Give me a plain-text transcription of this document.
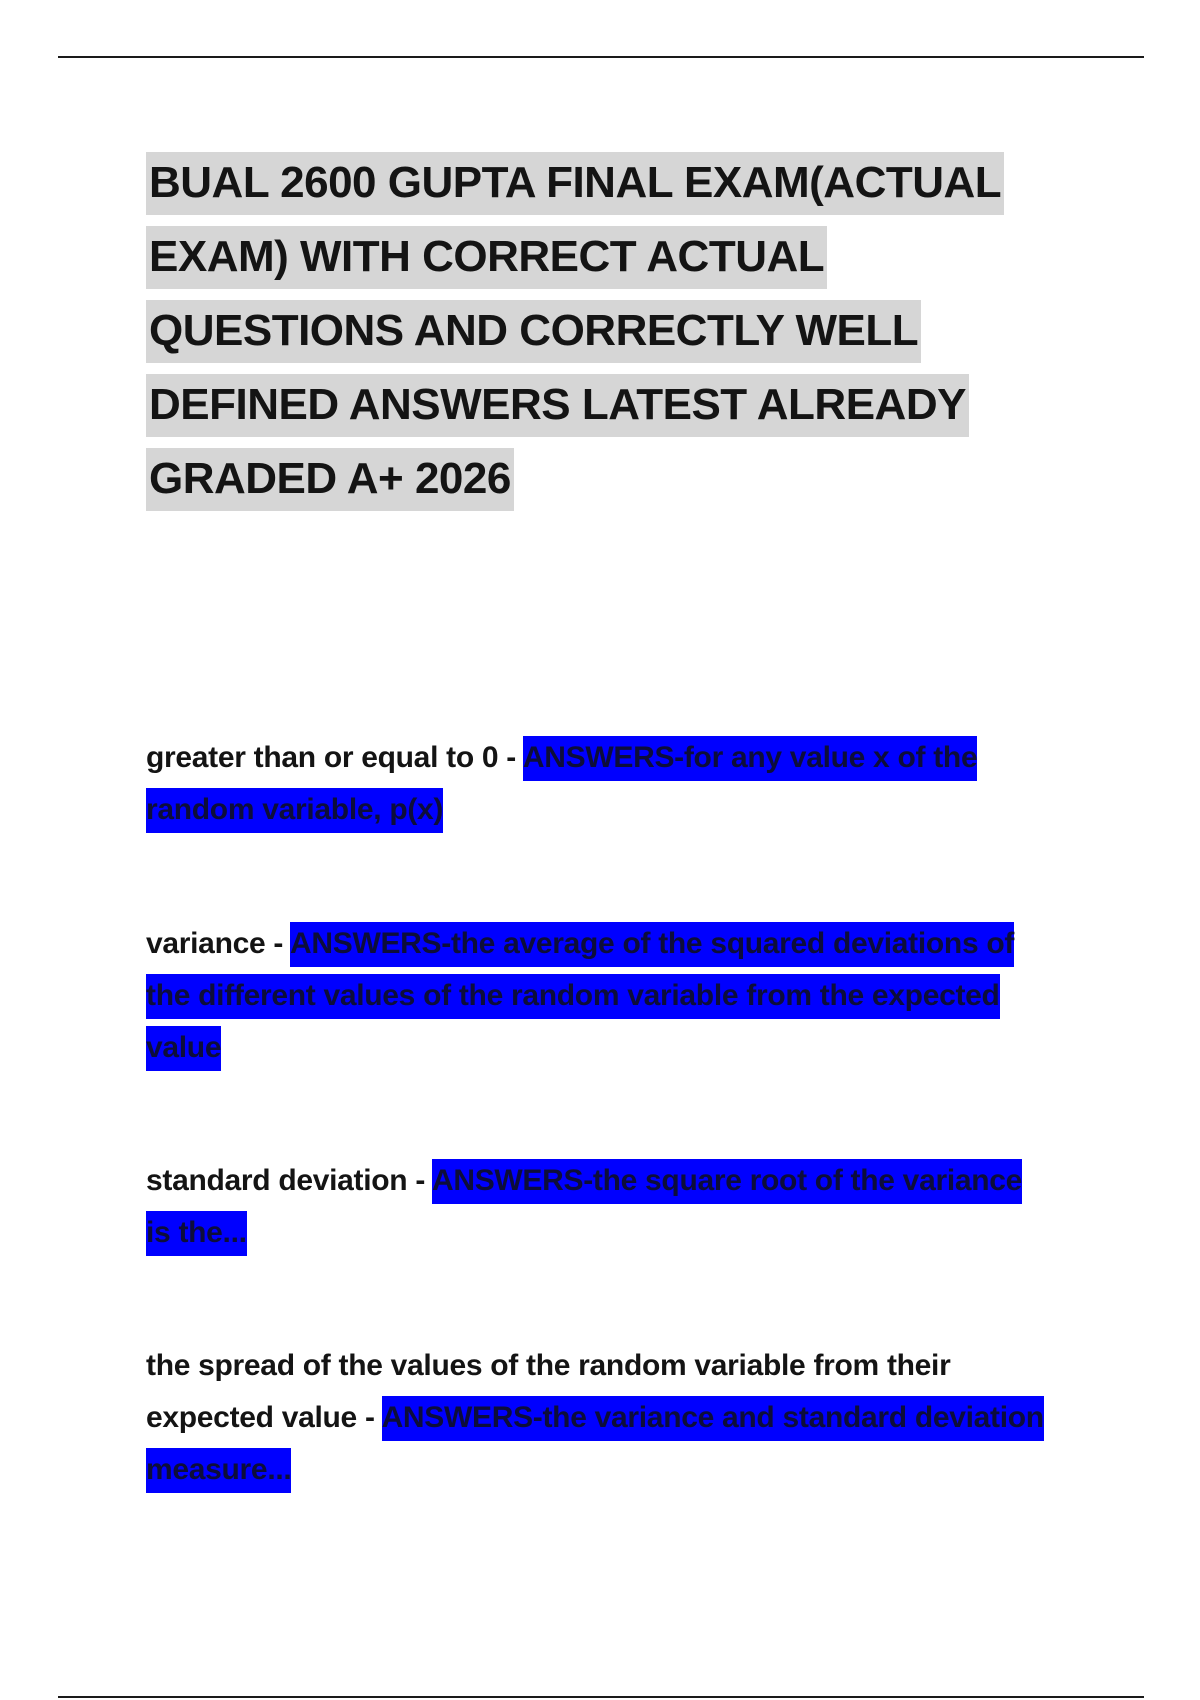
BUAL 2600 GUPTA FINAL EXAM(ACTUAL EXAM) WITH CORRECT ACTUAL QUESTIONS AND CORRECTLY WELL DEFINED ANSWERS LATEST ALREADY GRADED A+ 2026

greater than or equal to 0 - ANSWERS-for any value x of the random variable, p(x)

variance - ANSWERS-the average of the squared deviations of the different values of the random variable from the expected value

standard deviation - ANSWERS-the square root of the variance is the...

the spread of the values of the random variable from their expected value - ANSWERS-the variance and standard deviation measure...
